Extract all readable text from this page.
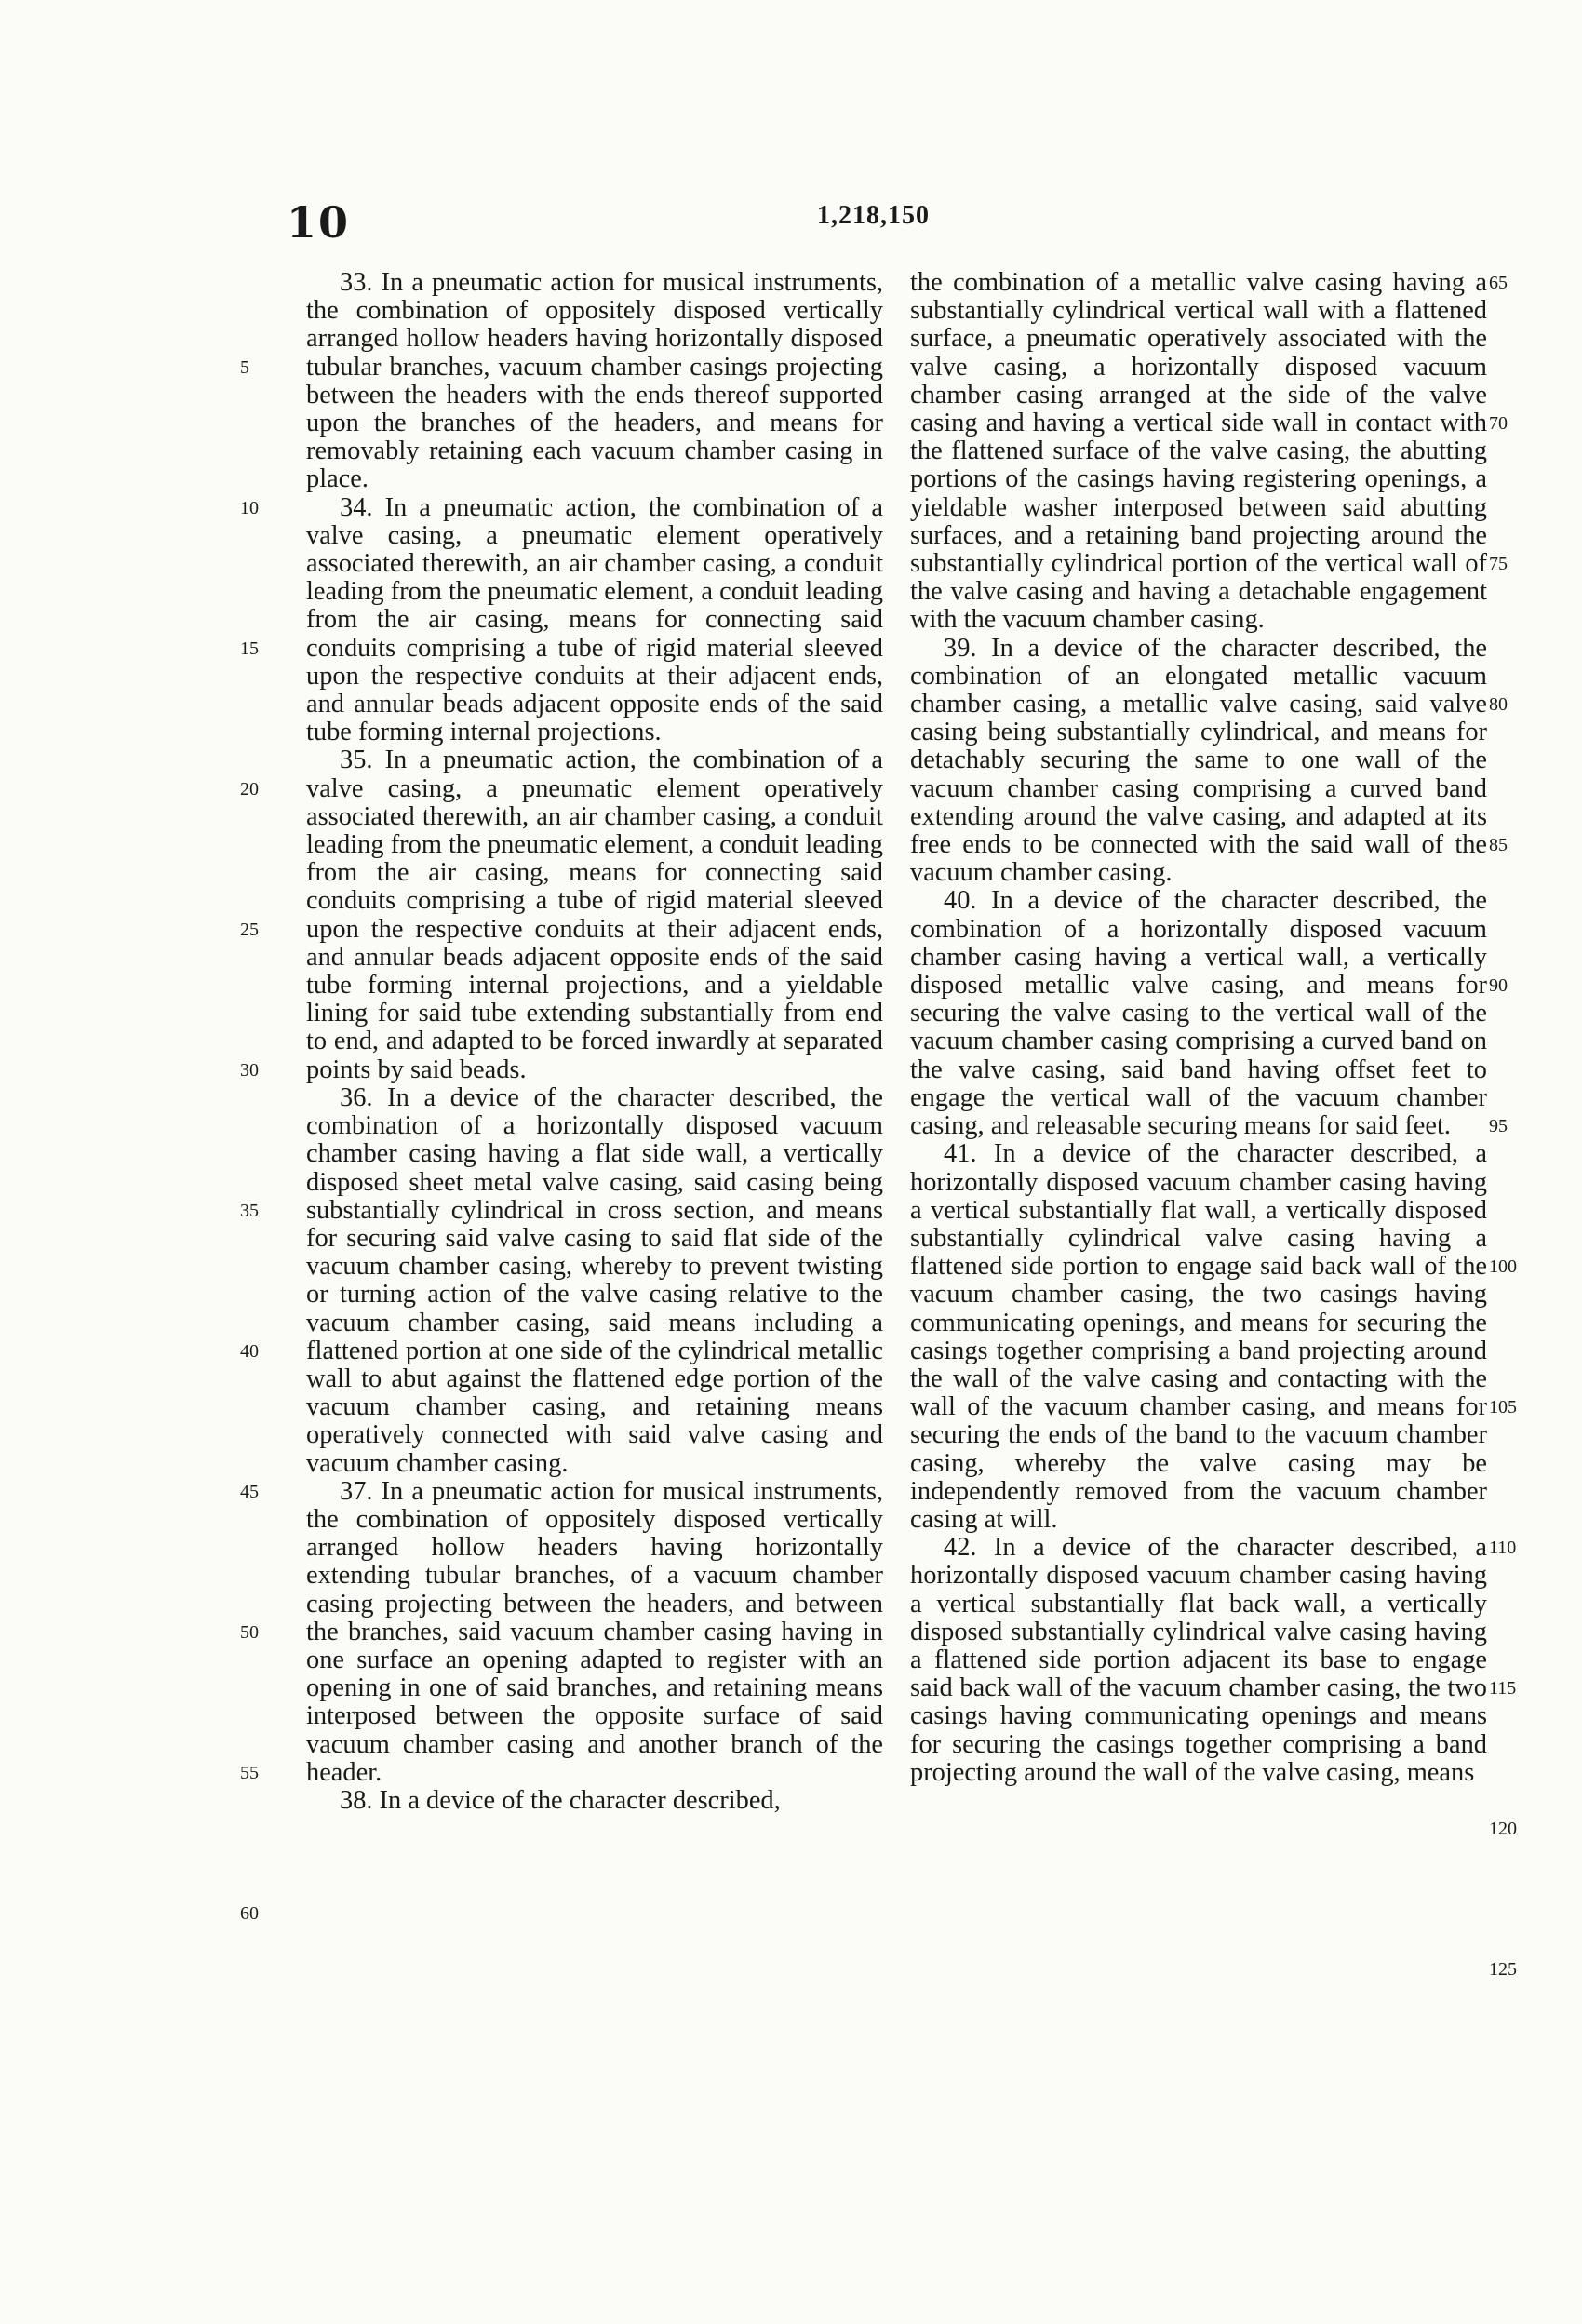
10	1,218,150
5
10
15
20
25
30
35
40
45
50
55
60

33. In a pneumatic action for musical instruments, the combination of oppositely disposed vertically arranged hollow headers having horizontally disposed tubular branches, vacuum chamber casings projecting between the headers with the ends thereof supported upon the branches of the headers, and means for removably retaining each vacuum chamber casing in place.

34. In a pneumatic action, the combination of a valve casing, a pneumatic element operatively associated therewith, an air chamber casing, a conduit leading from the pneumatic element, a conduit leading from the air casing, means for connecting said conduits comprising a tube of rigid material sleeved upon the respective conduits at their adjacent ends, and annular beads adjacent opposite ends of the said tube forming internal projections.

35. In a pneumatic action, the combination of a valve casing, a pneumatic element operatively associated therewith, an air chamber casing, a conduit leading from the pneumatic element, a conduit leading from the air casing, means for connecting said conduits comprising a tube of rigid material sleeved upon the respective conduits at their adjacent ends, and annular beads adjacent opposite ends of the said tube forming internal projections, and a yieldable lining for said tube extending substantially from end to end, and adapted to be forced inwardly at separated points by said beads.

36. In a device of the character described, the combination of a horizontally disposed vacuum chamber casing having a flat side wall, a vertically disposed sheet metal valve casing, said casing being substantially cylindrical in cross section, and means for securing said valve casing to said flat side of the vacuum chamber casing, whereby to prevent twisting or turning action of the valve casing relative to the vacuum chamber casing, said means including a flattened portion at one side of the cylindrical metallic wall to abut against the flattened edge portion of the vacuum chamber casing, and retaining means operatively connected with said valve casing and vacuum chamber casing.

37. In a pneumatic action for musical instruments, the combination of oppositely disposed vertically arranged hollow headers having horizontally extending tubular branches, of a vacuum chamber casing projecting between the headers, and between the branches, said vacuum chamber casing having in one surface an opening adapted to register with an opening in one of said branches, and retaining means interposed between the opposite surface of said vacuum chamber casing and another branch of the header.

38. In a device of the character described,

the combination of a metallic valve casing having a substantially cylindrical vertical wall with a flattened surface, a pneumatic operatively associated with the valve casing, a horizontally disposed vacuum chamber casing arranged at the side of the valve casing and having a vertical side wall in contact with the flattened surface of the valve casing, the abutting portions of the casings having registering openings, a yieldable washer interposed between said abutting surfaces, and a retaining band projecting around the substantially cylindrical portion of the vertical wall of the valve casing and having a detachable engagement with the vacuum chamber casing.

39. In a device of the character described, the combination of an elongated metallic vacuum chamber casing, a metallic valve casing, said valve casing being substantially cylindrical, and means for detachably securing the same to one wall of the vacuum chamber casing comprising a curved band extending around the valve casing, and adapted at its free ends to be connected with the said wall of the vacuum chamber casing.

40. In a device of the character described, the combination of a horizontally disposed vacuum chamber casing having a vertical wall, a vertically disposed metallic valve casing, and means for securing the valve casing to the vertical wall of the vacuum chamber casing comprising a curved band on the valve casing, said band having offset feet to engage the vertical wall of the vacuum chamber casing, and releasable securing means for said feet.

41. In a device of the character described, a horizontally disposed vacuum chamber casing having a vertical substantially flat wall, a vertically disposed substantially cylindrical valve casing having a flattened side portion to engage said back wall of the vacuum chamber casing, the two casings having communicating openings, and means for securing the casings together comprising a band projecting around the wall of the valve casing and contacting with the wall of the vacuum chamber casing, and means for securing the ends of the band to the vacuum chamber casing, whereby the valve casing may be independently removed from the vacuum chamber casing at will.

42. In a device of the character described, a horizontally disposed vacuum chamber casing having a vertical substantially flat back wall, a vertically disposed substantially cylindrical valve casing having a flattened side portion adjacent its base to engage said back wall of the vacuum chamber casing, the two casings having communicating openings and means for securing the casings together comprising a band projecting around the wall of the valve casing, means

65
70
75
80
85
90
95
100
105
110
115
120
125
